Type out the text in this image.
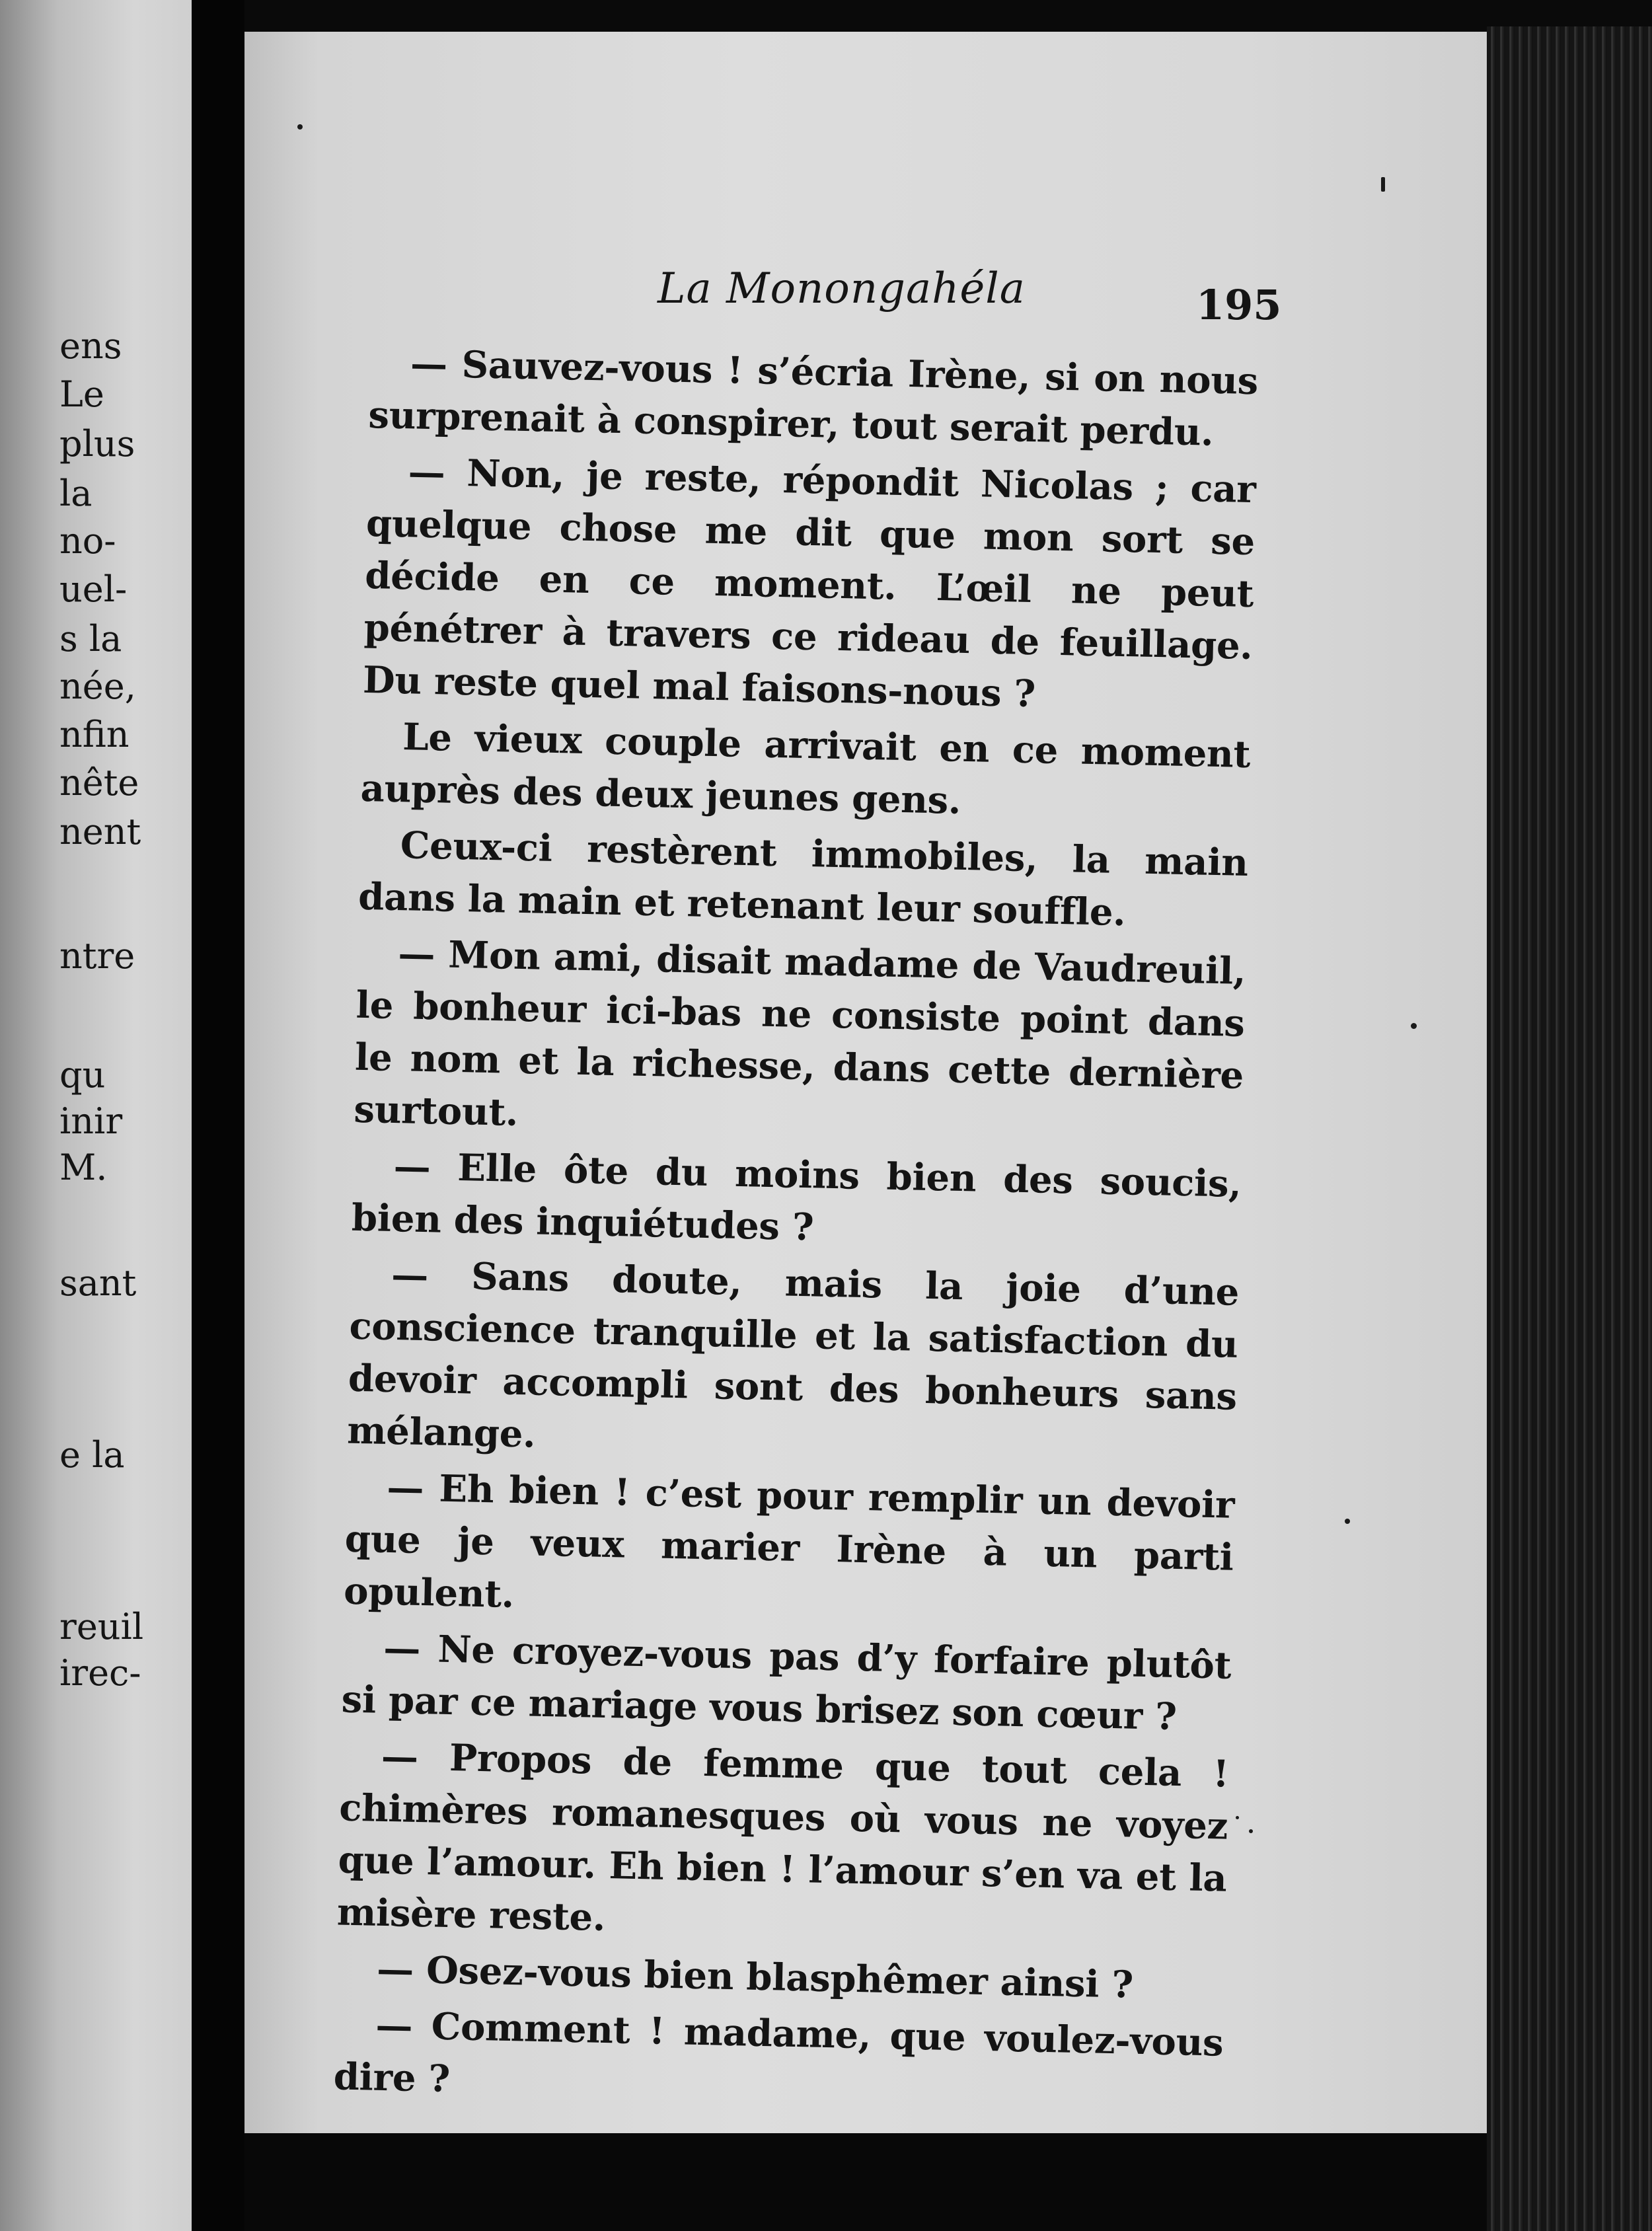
ens
Le
plus
la
no-
uel-
s la
née,
nfin
nête
nent
ntre
qu
inir
M.
sant
e la
reuil
irec-
La Monongahéla	195

— Sauvez-vous ! s’écria Irène, si on nous surprenait à conspirer, tout serait perdu.

— Non, je reste, répondit Nicolas ; car quelque chose me dit que mon sort se décide en ce moment. L’œil ne peut pénétrer à travers ce rideau de feuillage. Du reste quel mal faisons-nous ?

Le vieux couple arrivait en ce moment auprès des deux jeunes gens.

Ceux-ci restèrent immobiles, la main dans la main et retenant leur souffle.

— Mon ami, disait madame de Vaudreuil, le bonheur ici-bas ne consiste point dans le nom et la richesse, dans cette dernière surtout.

— Elle ôte du moins bien des soucis, bien des inquiétudes ?

— Sans doute, mais la joie d’une conscience tranquille et la satisfaction du devoir accompli sont des bonheurs sans mélange.

— Eh bien ! c’est pour remplir un devoir que je veux marier Irène à un parti opulent.

— Ne croyez-vous pas d’y forfaire plutôt si par ce mariage vous brisez son cœur ?

— Propos de femme que tout cela ! chimères romanesques où vous ne voyez que l’amour. Eh bien ! l’amour s’en va et la misère reste.

— Osez-vous bien blasphêmer ainsi ?

— Comment ! madame, que voulez-vous dire ?
